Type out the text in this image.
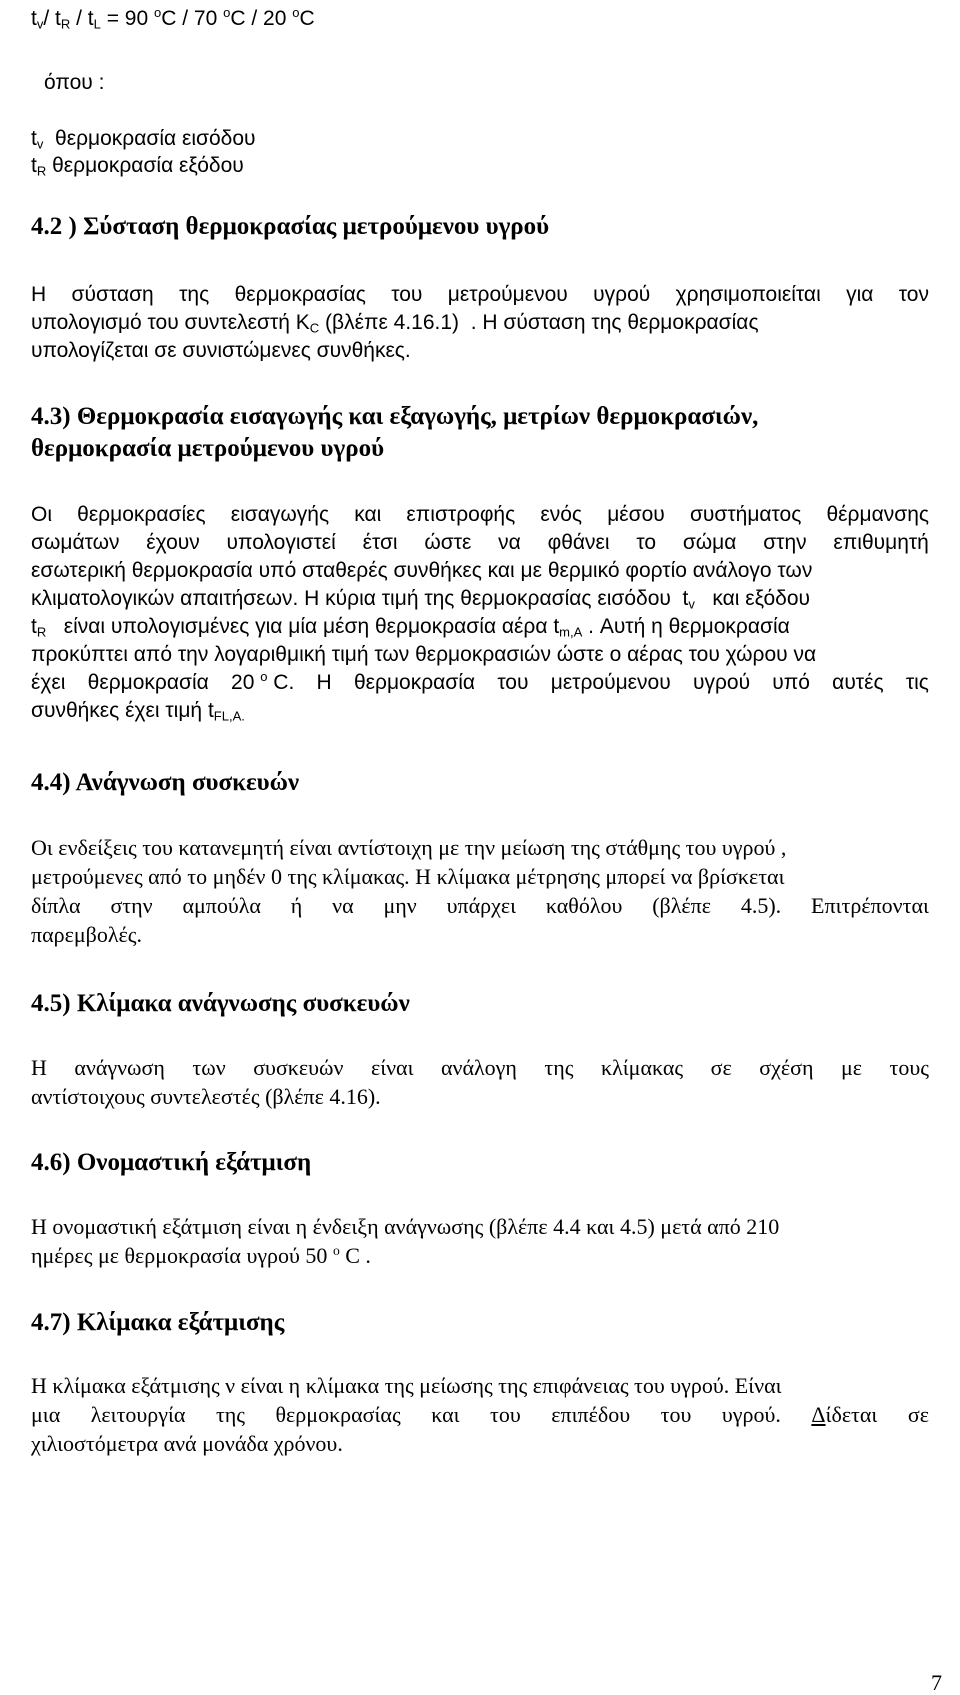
$t_v/$ $t_R / t_L = 90$ $^o$C / 70 $^o$C / 20 $^o$C

όπου :

$t_v$ θερμοκρασία εισόδου

$t_R$ θερμοκρασία εξόδου

4.2 ) Σύσταση θερμοκρασίας μετρούμενου υγρού

Η σύσταση της θερμοκρασίας του μετρούμενου υγρού χρησιμοποιείται για τον

υπολογισμό του συντελεστή $K_C$ (βλέπε 4.16.1)  . Η σύσταση της θερμοκρασίας

υπολογίζεται σε συνιστώμενες συνθήκες.

4.3) Θερμοκρασία εισαγωγής και εξαγωγής, μετρίων θερμοκρασιών,

θερμοκρασία μετρούμενου υγρού

Οι θερμοκρασίες εισαγωγής και επιστροφής ενός μέσου συστήματος θέρμανσης
σωμάτων έχουν υπολογιστεί έτσι ώστε να φθάνει το σώμα στην επιθυμητή

εσωτερική θερμοκρασία υπό σταθερές συνθήκες και με θερμικό φορτίο ανάλογο των

κλιματολογικών απαιτήσεων. Η κύρια τιμή της θερμοκρασίας εισόδου  $t_v$   και εξόδου

$t_R$   είναι υπολογισμένες για μία μέση θερμοκρασία αέρα $t_{m,A}$ . Αυτή η θερμοκρασία

προκύπτει από την λογαριθμική τιμή των θερμοκρασιών ώστε ο αέρας του χώρου να

έχει θερμοκρασία 20 $^o$ C. Η θερμοκρασία του μετρούμενου υγρού υπό αυτές τις

συνθήκες έχει τιμή $t_{FL,A.}$

4.4) Ανάγνωση συσκευών

Οι ενδείξεις του κατανεμητή είναι αντίστοιχη με την μείωση της στάθμης του υγρού ,

μετρούμενες από το μηδέν 0 της κλίμακας. Η κλίμακα μέτρησης μπορεί να βρίσκεται

δίπλα στην αμπούλα ή να μην υπάρχει καθόλου (βλέπε 4.5). Επιτρέπονται

παρεμβολές.

4.5) Κλίμακα ανάγνωσης συσκευών

Η ανάγνωση των συσκευών είναι ανάλογη της κλίμακας σε σχέση με τους

αντίστοιχους συντελεστές (βλέπε 4.16).

4.6) Ονομαστική εξάτμιση

Η ονομαστική εξάτμιση είναι η ένδειξη ανάγνωσης (βλέπε 4.4 και 4.5) μετά από 210

ημέρες με θερμοκρασία υγρού 50 $^o$ C .

4.7) Κλίμακα εξάτμισης

Η κλίμακα εξάτμισης ν είναι η κλίμακα της μείωσης της επιφάνειας του υγρού. Είναι

μια λειτουργία της θερμοκρασίας και του επιπέδου του υγρού. Δίδεται σε

χιλιοστόμετρα ανά μονάδα χρόνου.

7
